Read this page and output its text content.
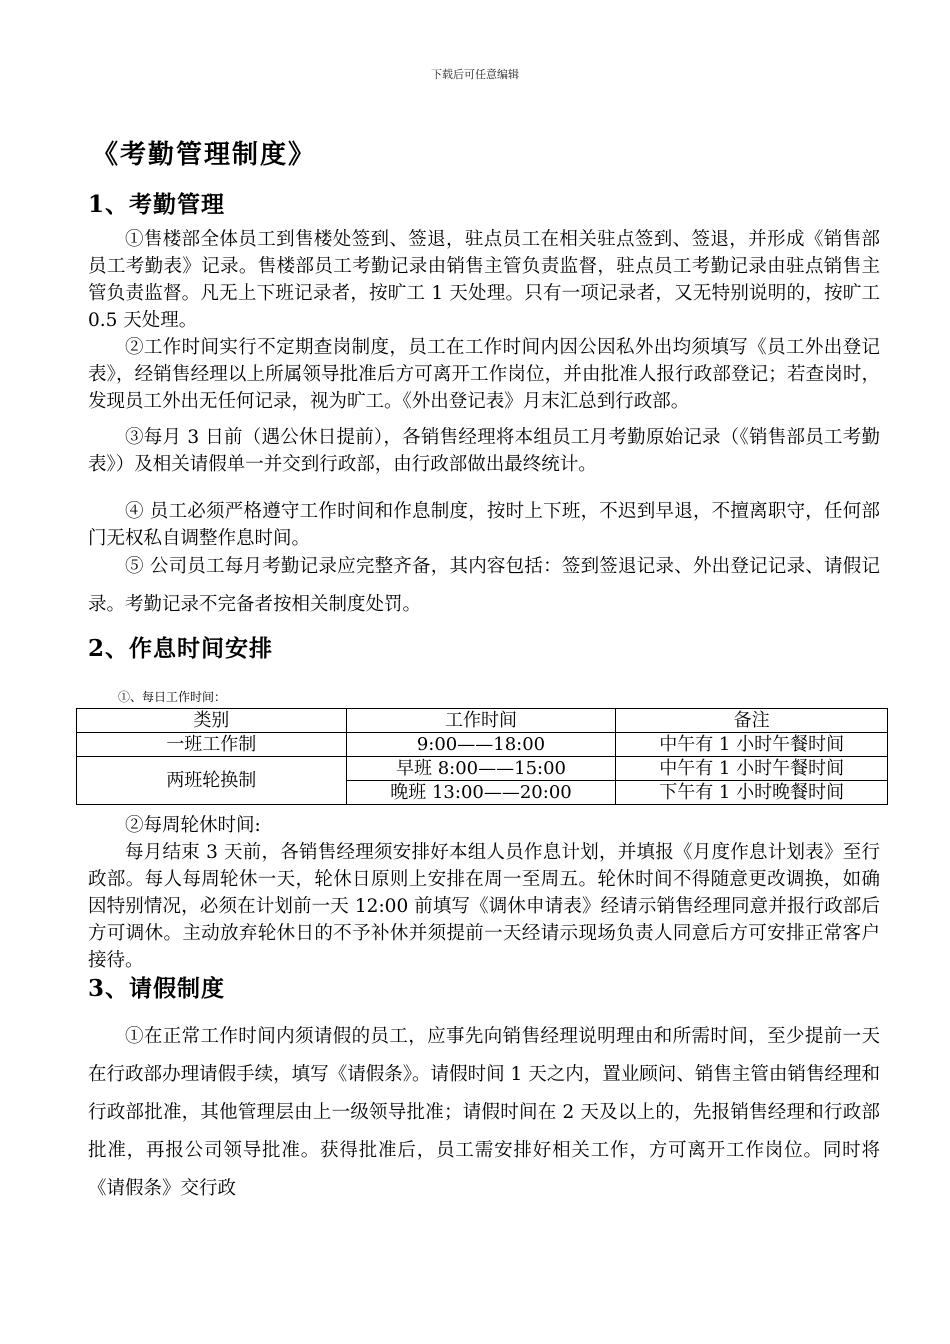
下载后可任意编辑
《考勤管理制度》
1、考勤管理

①售楼部全体员工到售楼处签到、签退，驻点员工在相关驻点签到、签退，并形成《销售部员工考勤表》记录。售楼部员工考勤记录由销售主管负责监督，驻点员工考勤记录由驻点销售主管负责监督。凡无上下班记录者，按旷工 1 天处理。只有一项记录者，又无特别说明的，按旷工 0.5 天处理。

②工作时间实行不定期查岗制度，员工在工作时间内因公因私外出均须填写《员工外出登记表》，经销售经理以上所属领导批准后方可离开工作岗位，并由批准人报行政部登记；若查岗时，发现员工外出无任何记录，视为旷工。《外出登记表》月末汇总到行政部。

③每月 3 日前（遇公休日提前），各销售经理将本组员工月考勤原始记录（《销售部员工考勤表》）及相关请假单一并交到行政部，由行政部做出最终统计。

④ 员工必须严格遵守工作时间和作息制度，按时上下班，不迟到早退，不擅离职守，任何部门无权私自调整作息时间。

⑤ 公司员工每月考勤记录应完整齐备，其内容包括：签到签退记录、外出登记记录、请假记录。考勤记录不完备者按相关制度处罚。

2、作息时间安排

①、每日工作时间：

类别	工作时间	备注
一班工作制	9:00——18:00	中午有 1 小时午餐时间
两班轮换制	早班 8:00——15:00	中午有 1 小时午餐时间
	晚班 13:00——20:00	下午有 1 小时晚餐时间

②每周轮休时间:

每月结束 3 天前，各销售经理须安排好本组人员作息计划，并填报《月度作息计划表》至行政部。每人每周轮休一天，轮休日原则上安排在周一至周五。轮休时间不得随意更改调换，如确因特别情况，必须在计划前一天 12:00 前填写《调休申请表》经请示销售经理同意并报行政部后方可调休。主动放弃轮休日的不予补休并须提前一天经请示现场负责人同意后方可安排正常客户接待。

3、请假制度

①在正常工作时间内须请假的员工，应事先向销售经理说明理由和所需时间，至少提前一天在行政部办理请假手续，填写《请假条》。请假时间 1 天之内，置业顾问、销售主管由销售经理和行政部批准，其他管理层由上一级领导批准；请假时间在 2 天及以上的，先报销售经理和行政部批准，再报公司领导批准。获得批准后，员工需安排好相关工作，方可离开工作岗位。同时将《请假条》交行政
